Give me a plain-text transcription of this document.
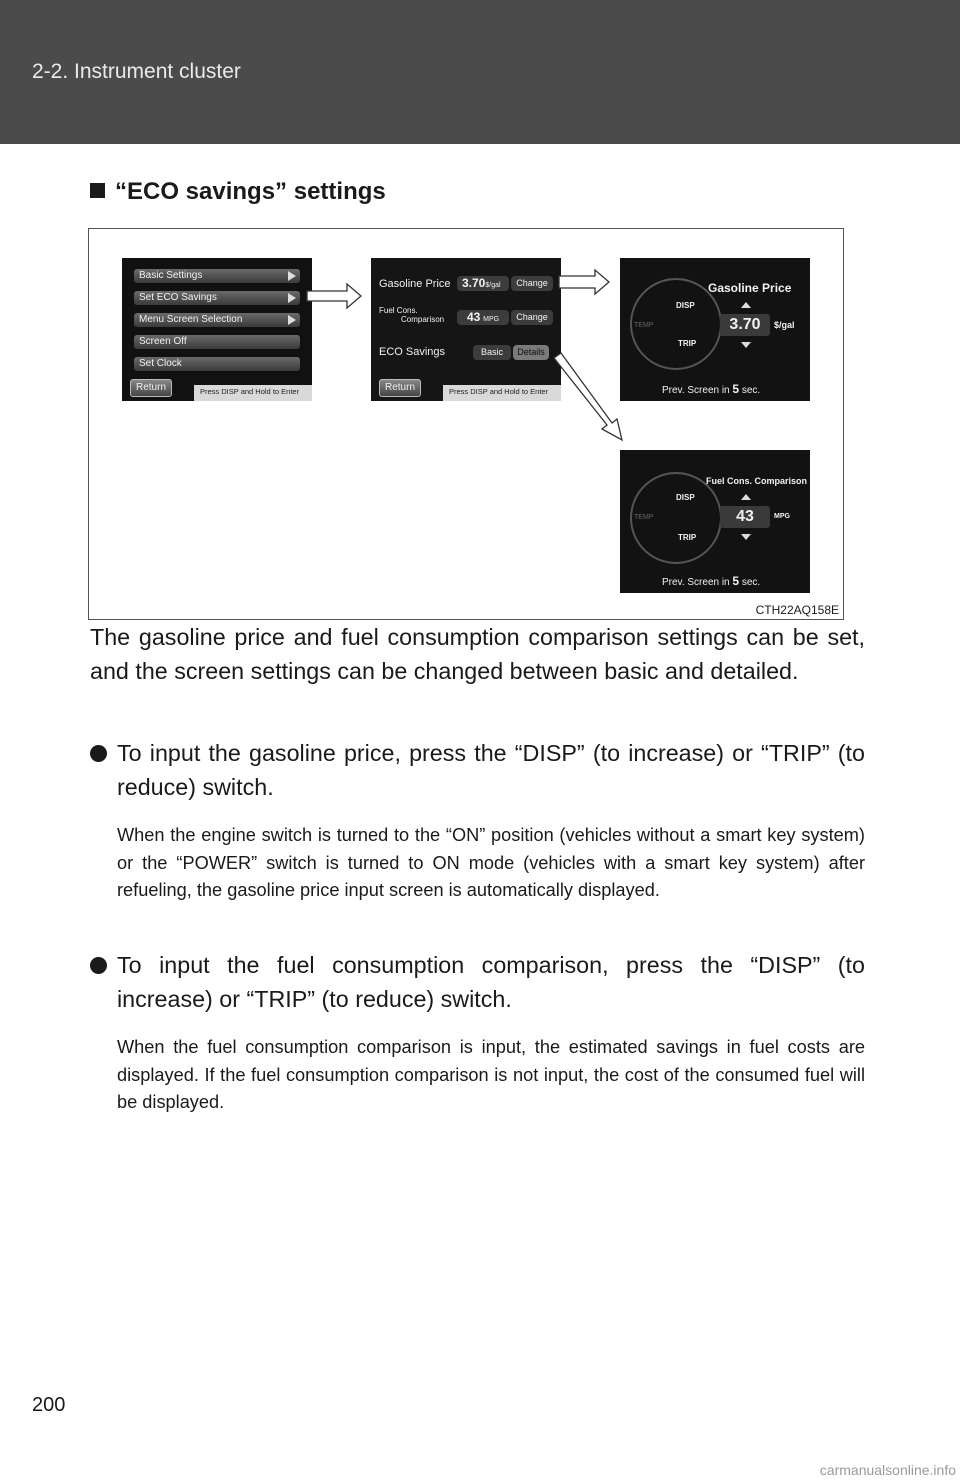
2-2. Instrument cluster
“ECO savings” settings
Basic Settings
Set ECO Savings
Menu Screen Selection
Screen Off
Set Clock
Return	Press DISP and Hold to Enter
Gasoline Price 3.70$/gal	Change
Fuel Cons.
Comparison	43 MPG	Change
ECO Savings	Basic	Details
Return	Press DISP and Hold to Enter
DISP
TEMP
TRIP
Gasoline Price
3.70	$/gal
Prev. Screen in 5 sec.
DISP
TEMP
TRIP
Fuel Cons. Comparison
43	MPG
Prev. Screen in 5 sec.
CTH22AQ158E
The gasoline price and fuel consumption comparison settings can be set, and the screen settings can be changed between basic and detailed.
To input the gasoline price, press the “DISP” (to increase) or “TRIP” (to reduce) switch.
When the engine switch is turned to the “ON” position (vehicles without a smart key system) or the “POWER” switch is turned to ON mode (vehicles with a smart key system) after refueling, the gasoline price input screen is automatically displayed.
To input the fuel consumption comparison, press the “DISP” (to increase) or “TRIP” (to reduce) switch.
When the fuel consumption comparison is input, the estimated savings in fuel costs are displayed. If the fuel consumption comparison is not input, the cost of the consumed fuel will be displayed.
200
carmanualsonline.info
